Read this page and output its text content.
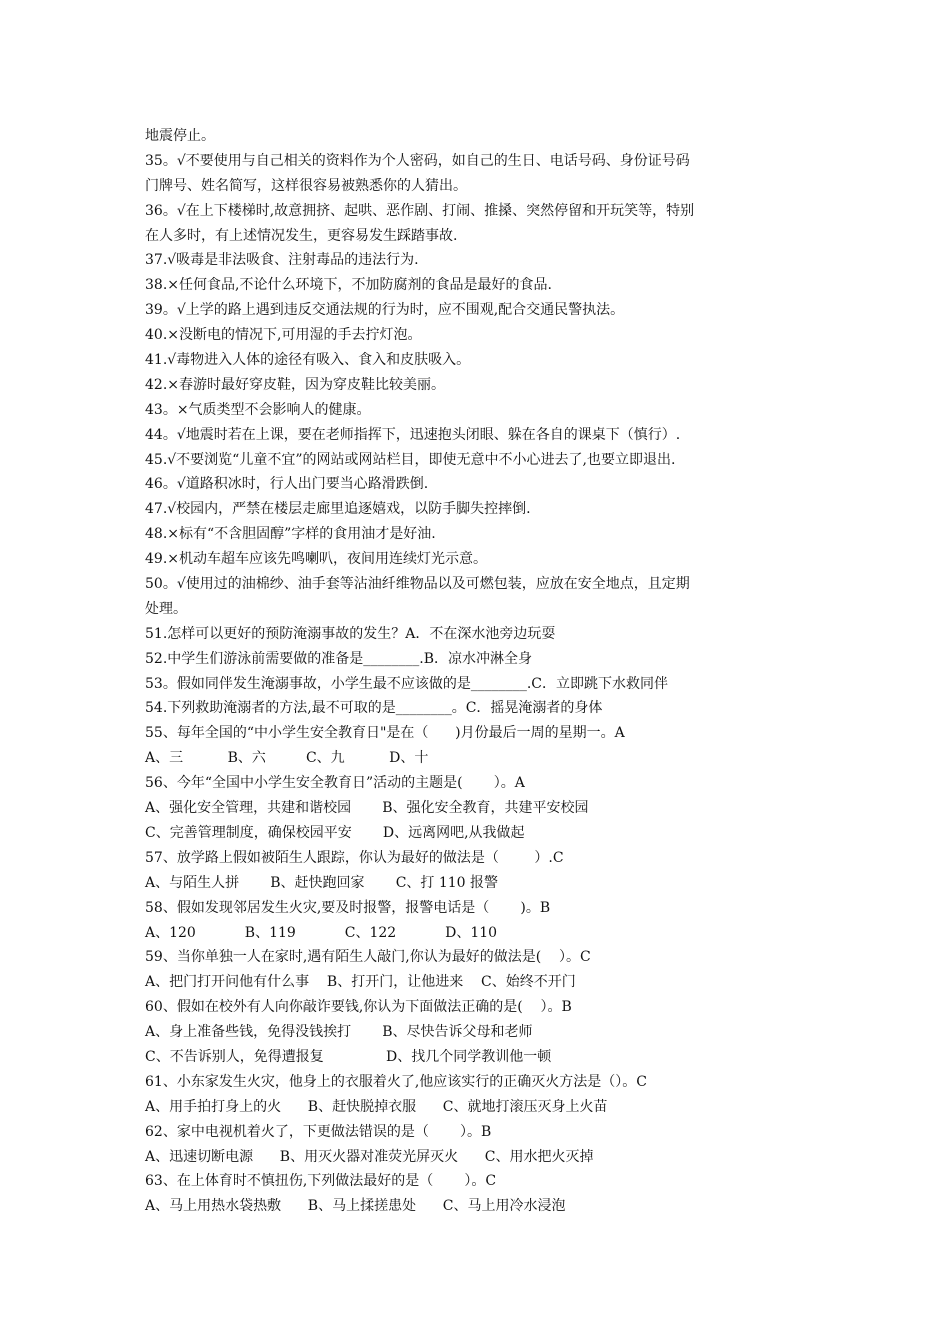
地震停止。
35。√不要使用与自己相关的资料作为个人密码，如自己的生日、电话号码、身份证号码
门牌号、姓名简写，这样很容易被熟悉你的人猜出。
36。√在上下楼梯时,故意拥挤、起哄、恶作剧、打闹、推搡、突然停留和开玩笑等，特别
在人多时，有上述情况发生，更容易发生踩踏事故.
37.√吸毒是非法吸食、注射毒品的违法行为.
38.×任何食品,不论什么环境下，不加防腐剂的食品是最好的食品.
39。√上学的路上遇到违反交通法规的行为时，应不围观,配合交通民警执法。
40.×没断电的情况下,可用湿的手去拧灯泡。
41.√毒物进入人体的途径有吸入、食入和皮肤吸入。
42.×春游时最好穿皮鞋，因为穿皮鞋比较美丽。
43。×气质类型不会影响人的健康。
44。√地震时若在上课，要在老师指挥下，迅速抱头闭眼、躲在各自的课桌下（慎行）.
45.√不要浏览“儿童不宜”的网站或网站栏目，即使无意中不小心进去了,也要立即退出.
46。√道路积冰时，行人出门要当心路滑跌倒.
47.√校园内，严禁在楼层走廊里追逐嬉戏，以防手脚失控摔倒.
48.×标有“不含胆固醇”字样的食用油才是好油.
49.×机动车超车应该先鸣喇叭，夜间用连续灯光示意。
50。√使用过的油棉纱、油手套等沾油纤维物品以及可燃包装，应放在安全地点，且定期
处理。
51.怎样可以更好的预防淹溺事故的发生？A．不在深水池旁边玩耍
52.中学生们游泳前需要做的准备是________.B．凉水冲淋全身
53。假如同伴发生淹溺事故，小学生最不应该做的是________.C．立即跳下水救同伴
54.下列救助淹溺者的方法,最不可取的是________。C．摇晃淹溺者的身体
55、每年全国的“中小学生安全教育日"是在（      )月份最后一周的星期一。A
A、三          B、六         C、九          D、十
56、今年“全国中小学生安全教育日”活动的主题是(       ）。A
A、强化安全管理，共建和谐校园       B、强化安全教育，共建平安校园
C、完善管理制度，确保校园平安       D、远离网吧,从我做起
57、放学路上假如被陌生人跟踪，你认为最好的做法是（        ）.C
A、与陌生人拼       B、赶快跑回家       C、打 110 报警
58、假如发现邻居发生火灾,要及时报警，报警电话是（       )。B
A、120           B、119           C、122           D、110
59、当你单独一人在家时,遇有陌生人敲门,你认为最好的做法是(    ）。C
A、把门打开问他有什么事    B、打开门，让他进来    C、始终不开门
60、假如在校外有人向你敲诈要钱,你认为下面做法正确的是(    ）。B
A、身上准备些钱，免得没钱挨打       B、尽快告诉父母和老师
C、不告诉别人，免得遭报复              D、找几个同学教训他一顿
61、小东家发生火灾，他身上的衣服着火了,他应该实行的正确灭火方法是（）。C
A、用手拍打身上的火      B、赶快脱掉衣服      C、就地打滚压灭身上火苗
62、家中电视机着火了，下更做法错误的是（       ）。B
A、迅速切断电源      B、用灭火器对准荧光屏灭火      C、用水把火灭掉
63、在上体育时不慎扭伤,下列做法最好的是（       ）。C
A、马上用热水袋热敷      B、马上揉搓患处      C、马上用冷水浸泡
